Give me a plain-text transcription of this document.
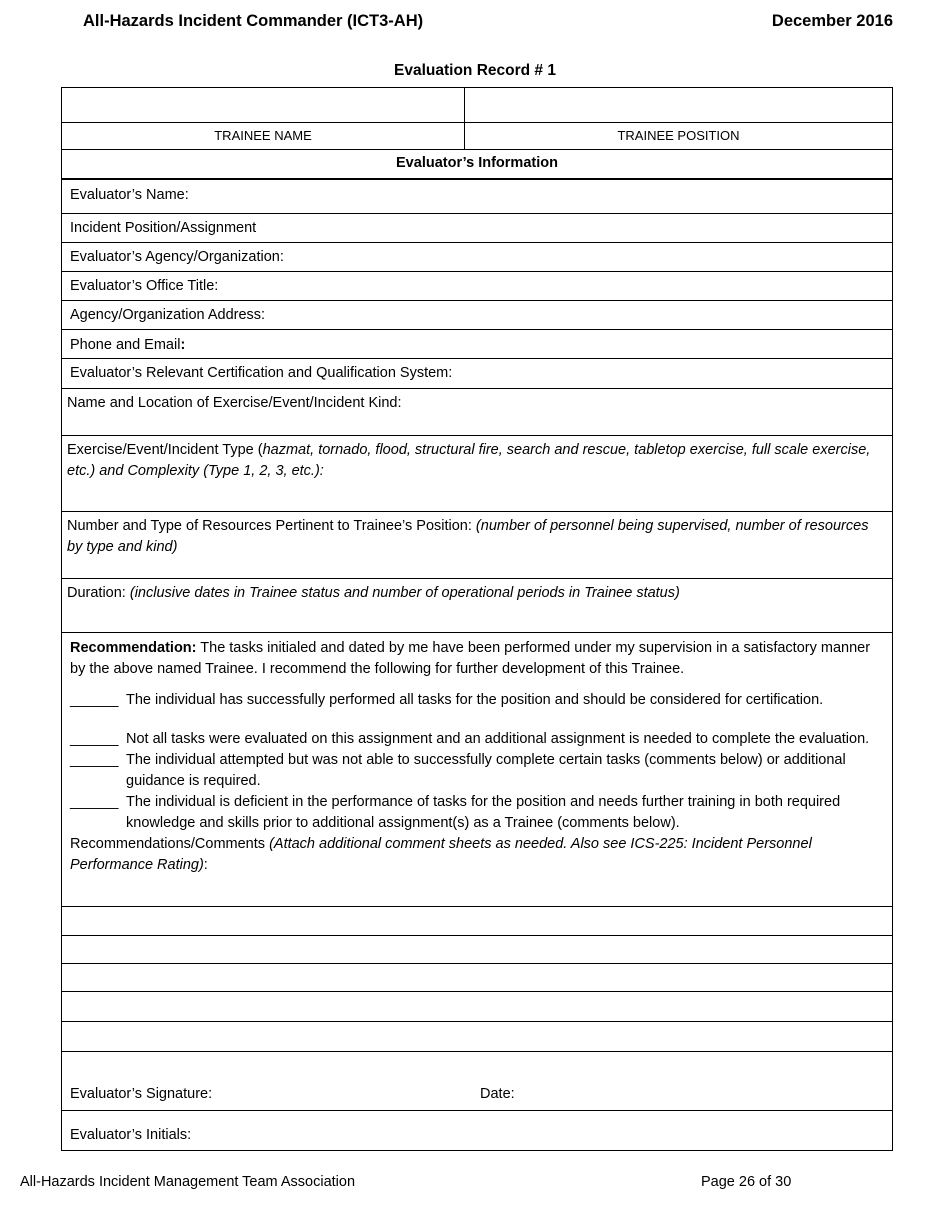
All-Hazards Incident Commander (ICT3-AH)	December 2016
Evaluation Record # 1
TRAINEE NAME	TRAINEE POSITION
Evaluator’s Information
Evaluator’s Name:
Incident Position/Assignment
Evaluator’s Agency/Organization:
Evaluator’s Office Title:
Agency/Organization Address:
Phone and Email:
Evaluator’s Relevant Certification and Qualification System:
Name and Location of Exercise/Event/Incident Kind:
Exercise/Event/Incident Type (hazmat, tornado, flood, structural fire, search and rescue, tabletop exercise, full scale exercise, etc.) and Complexity (Type 1, 2, 3, etc.):
Number and Type of Resources Pertinent to Trainee’s Position: (number of personnel being supervised, number of resources by type and kind)
Duration: (inclusive dates in Trainee status and number of operational periods in Trainee status)
Recommendation: The tasks initialed and dated by me have been performed under my supervision in a satisfactory manner by the above named Trainee. I recommend the following for further development of this Trainee.
______ The individual has successfully performed all tasks for the position and should be considered for certification.
______ Not all tasks were evaluated on this assignment and an additional assignment is needed to complete the evaluation.
______ The individual attempted but was not able to successfully complete certain tasks (comments below) or additional guidance is required.
______ The individual is deficient in the performance of tasks for the position and needs further training in both required knowledge and skills prior to additional assignment(s) as a Trainee (comments below).
Recommendations/Comments (Attach additional comment sheets as needed. Also see ICS-225: Incident Personnel Performance Rating):
Evaluator’s Signature:	Date:
Evaluator’s Initials:
All-Hazards Incident Management Team Association	Page 26 of 30
